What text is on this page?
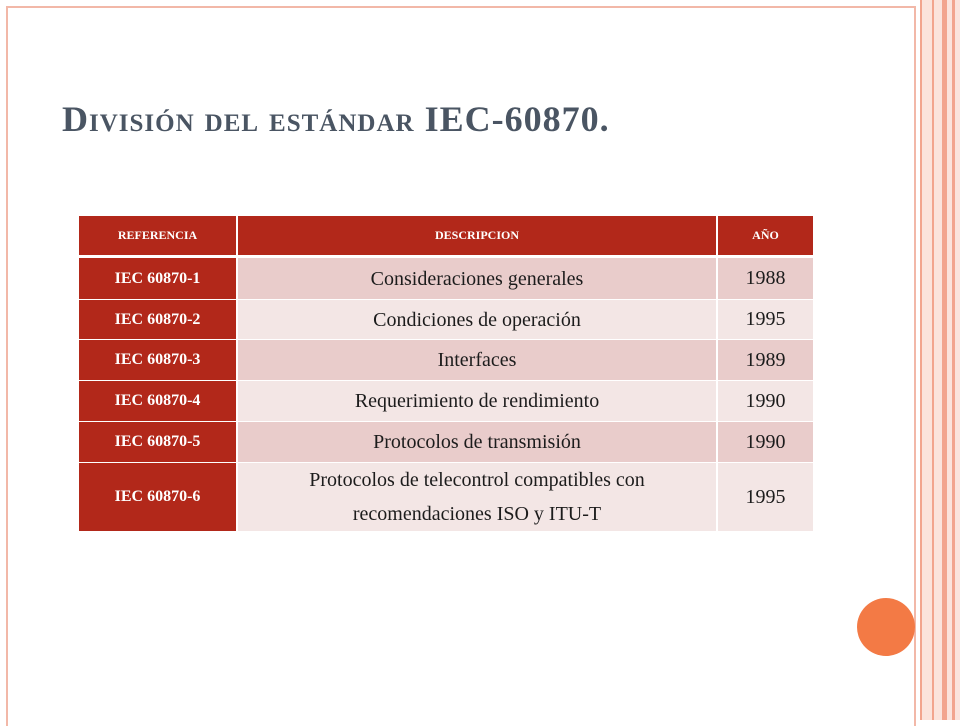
División del estándar IEC-60870.
REFERENCIA	DESCRIPCION	AÑO
IEC 60870-1	Consideraciones generales	1988
IEC 60870-2	Condiciones de operación	1995
IEC 60870-3	Interfaces	1989
IEC 60870-4	Requerimiento de rendimiento	1990
IEC 60870-5	Protocolos de transmisión	1990
IEC 60870-6	Protocolos de telecontrol compatibles con recomendaciones ISO y ITU-T	1995
